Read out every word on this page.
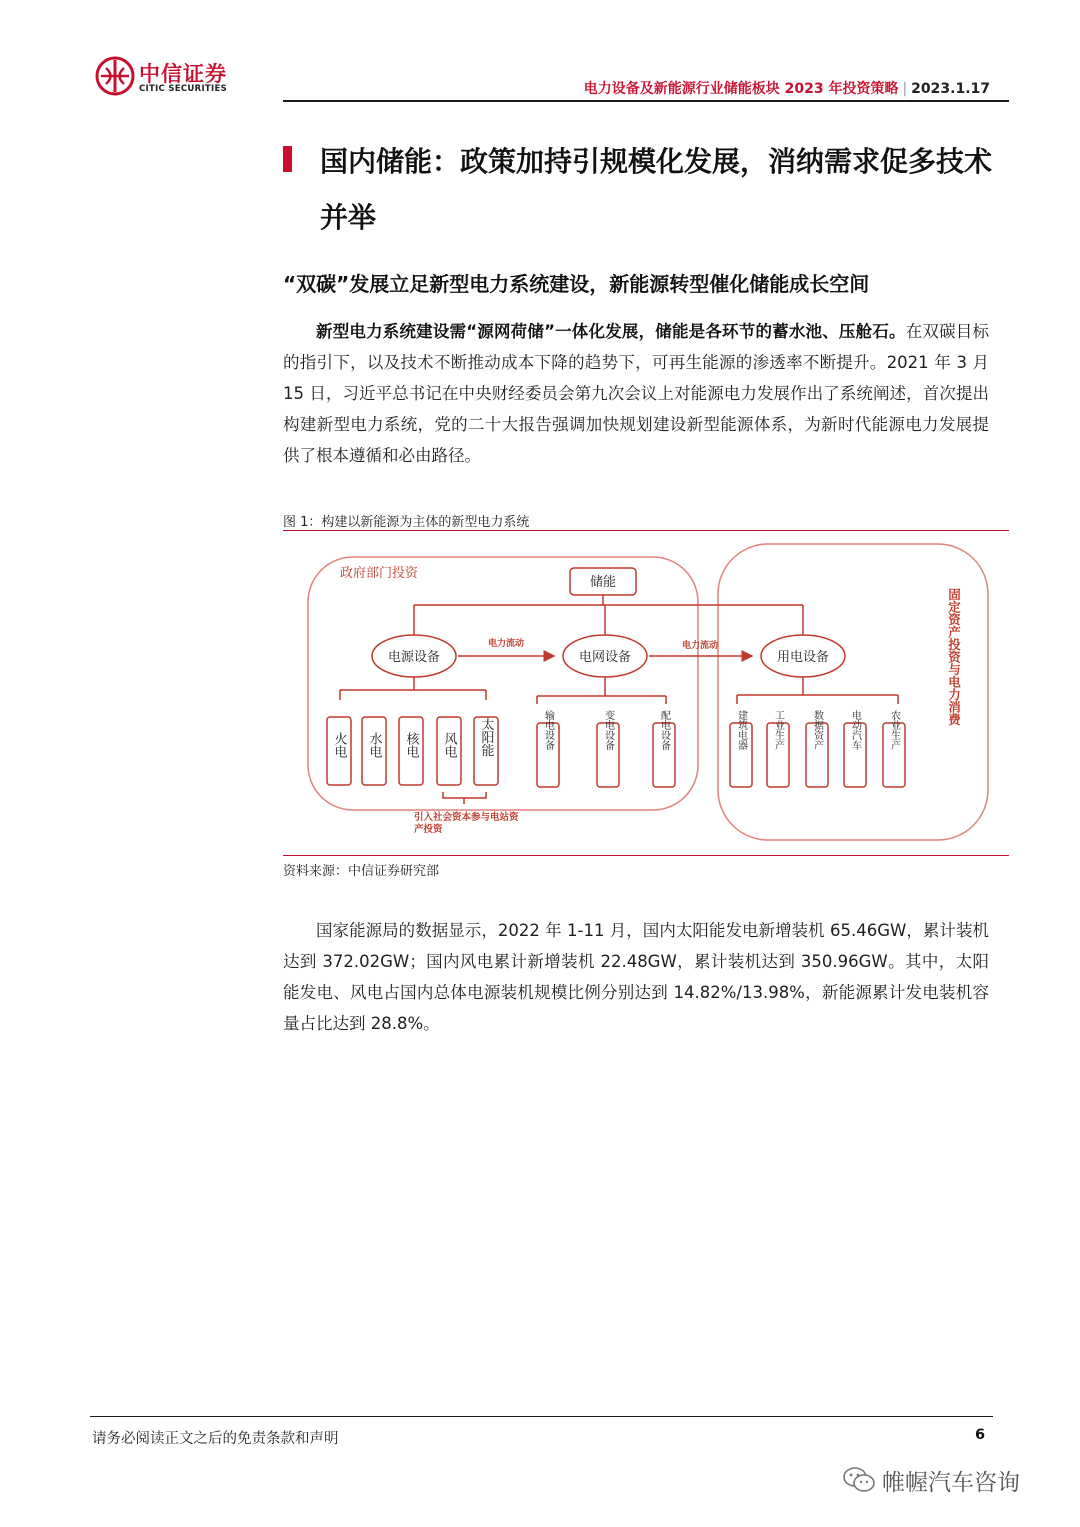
中信证券
CITIC SECURITIES	电力设备及新能源行业储能板块 2023 年投资策略 | 2023.1.17
国内储能：政策加持引规模化发展，消纳需求促多技术并举
“双碳”发展立足新型电力系统建设，新能源转型催化储能成长空间

新型电力系统建设需“源网荷储”一体化发展，储能是各环节的蓄水池、压舱石。在双碳目标的指引下，以及技术不断推动成本下降的趋势下，可再生能源的渗透率不断提升。2021 年 3 月 15 日，习近平总书记在中央财经委员会第九次会议上对能源电力发展作出了系统阐述，首次提出构建新型电力系统，党的二十大报告强调加快规划建设新型能源体系，为新时代能源电力发展提供了根本遵循和必由路径。

图 1：构建以新能源为主体的新型电力系统
政府部门投资
储能
电源设备	电网设备	用电设备
电力流动	电力流动
火电 水电 核电 风电 太阳能	输电设备	变电设备	配电设备	建筑电器	工业生产	数据资产	电动汽车	农业生产
引入社会资本参与电站资
产投资
固定资产投资与电力消费
资料来源：中信证券研究部

国家能源局的数据显示，2022 年 1-11 月，国内太阳能发电新增装机 65.46GW，累计装机达到 372.02GW；国内风电累计新增装机 22.48GW，累计装机达到 350.96GW。其中，太阳能发电、风电占国内总体电源装机规模比例分别达到 14.82%/13.98%，新能源累计发电装机容量占比达到 28.8%。

请务必阅读正文之后的免责条款和声明	6
帷幄汽车咨询
